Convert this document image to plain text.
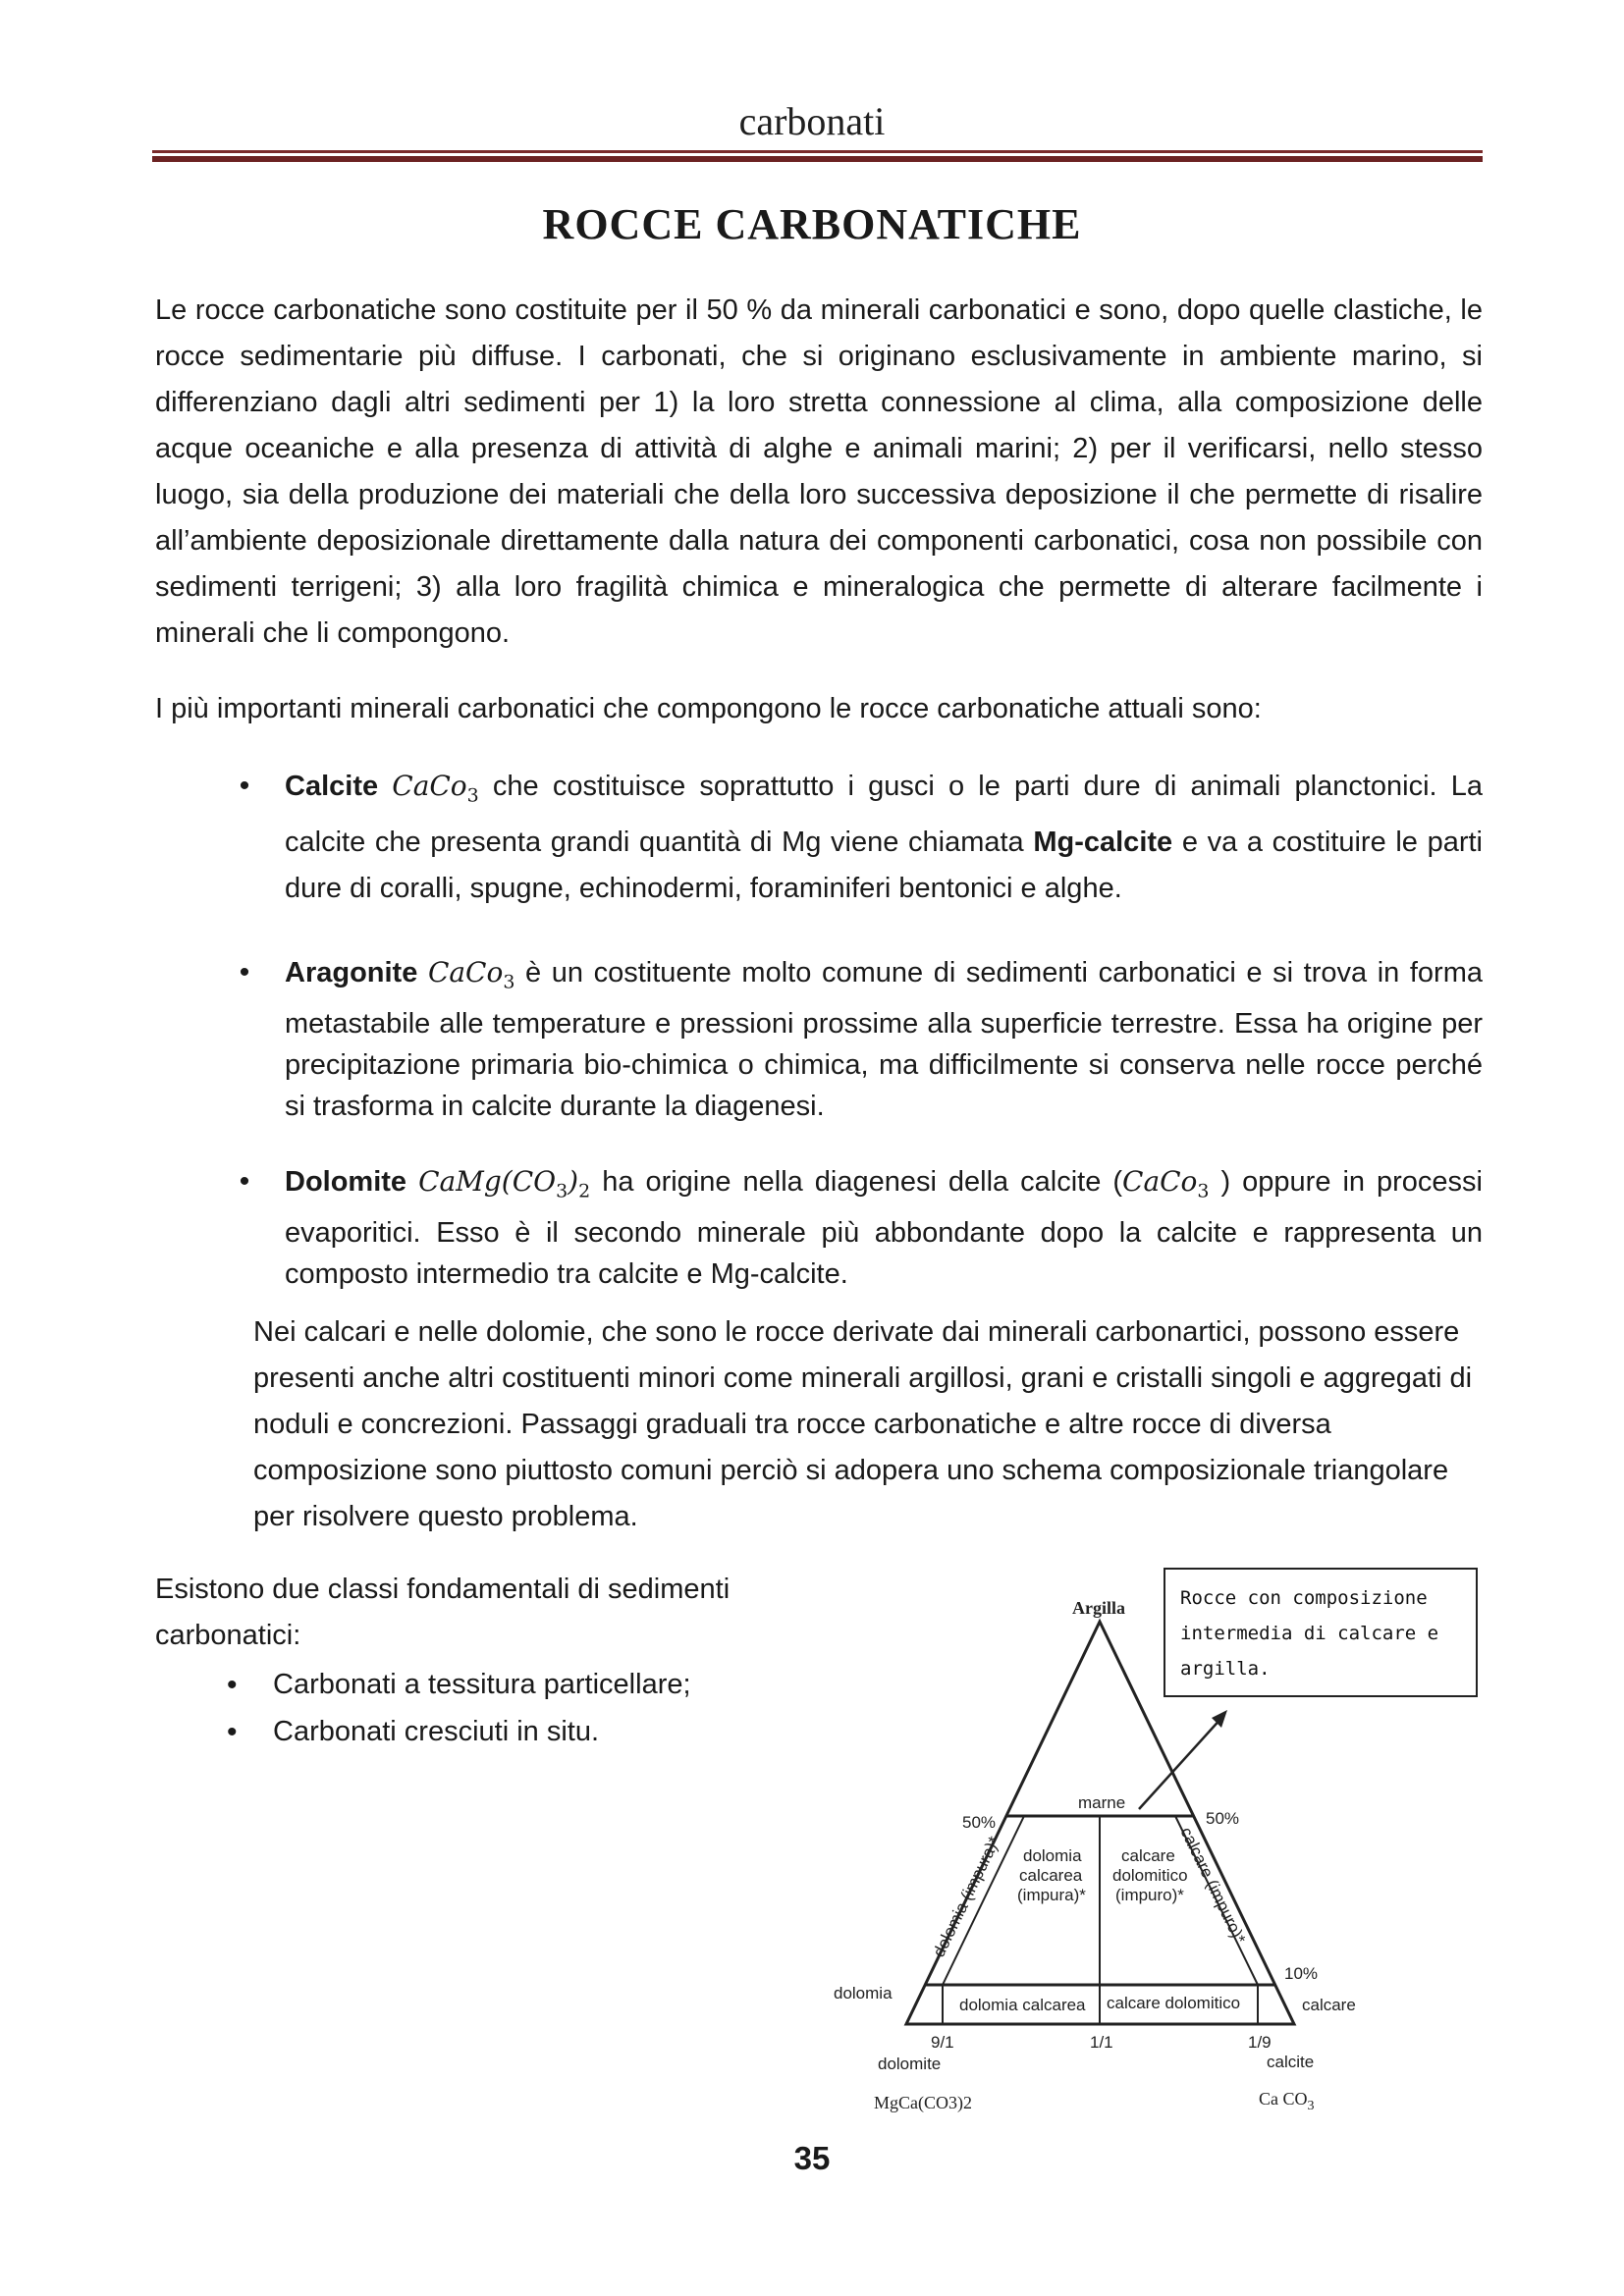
carbonati
ROCCE CARBONATICHE

Le rocce carbonatiche sono costituite per il 50 % da minerali carbonatici e sono, dopo quelle clastiche, le rocce sedimentarie più diffuse. I carbonati, che si originano esclusivamente in ambiente marino, si differenziano dagli altri sedimenti per 1) la loro stretta connessione al clima, alla composizione delle acque oceaniche e alla presenza di attività di alghe e animali marini; 2) per il verificarsi, nello stesso luogo, sia della produzione dei materiali che della loro successiva deposizione il che permette di risalire all’ambiente deposizionale direttamente dalla natura dei componenti carbonatici, cosa non possibile con sedimenti terrigeni; 3) alla loro fragilità chimica e mineralogica che permette di alterare facilmente i minerali che li compongono.

I più importanti minerali carbonatici che compongono le rocce carbonatiche attuali sono:

•	Calcite CaCo$_3$ che costituisce soprattutto i gusci o le parti dure di animali planctonici. La calcite che presenta grandi quantità di Mg viene chiamata Mg-calcite e va a costituire le parti dure di coralli, spugne, echinodermi, foraminiferi bentonici e alghe.
•	Aragonite CaCo$_3$ è un costituente molto comune di sedimenti carbonatici e si trova in forma metastabile alle temperature e pressioni prossime alla superficie terrestre. Essa ha origine per precipitazione primaria bio-chimica o chimica, ma difficilmente si conserva nelle rocce perché si trasforma in calcite durante la diagenesi.
•	Dolomite $CaMg(CO_3)_2$ ha origine nella diagenesi della calcite (CaCo$_3$ ) oppure in processi evaporitici. Esso è il secondo minerale più abbondante dopo la calcite e rappresenta un composto intermedio tra calcite e Mg-calcite.

Nei calcari e nelle dolomie, che sono le rocce derivate dai minerali carbonartici, possono essere presenti anche altri costituenti minori come minerali argillosi, grani e cristalli singoli e aggregati di noduli e concrezioni. Passaggi graduali tra rocce carbonatiche e altre rocce di diversa composizione sono piuttosto comuni perciò si adopera uno schema composizionale triangolare per risolvere questo problema.

Esistono due classi fondamentali di sedimenti carbonatici:

• Carbonati a tessitura particellare;
• Carbonati cresciuti in situ.
Rocce con composizione
intermedia di calcare e
argilla.
Argilla
marne
50%	50%
10%
dolomia (impura)*	calcare (impuro)*
dolomia
calcarea
(impura)*
calcare
dolomitico
(impuro)*
dolomia
calcare
dolomia calcarea calcare dolomitico
9/1	1/1	1/9
dolomite	calcite
MgCa(CO3)2	Ca $CO_3$
35
